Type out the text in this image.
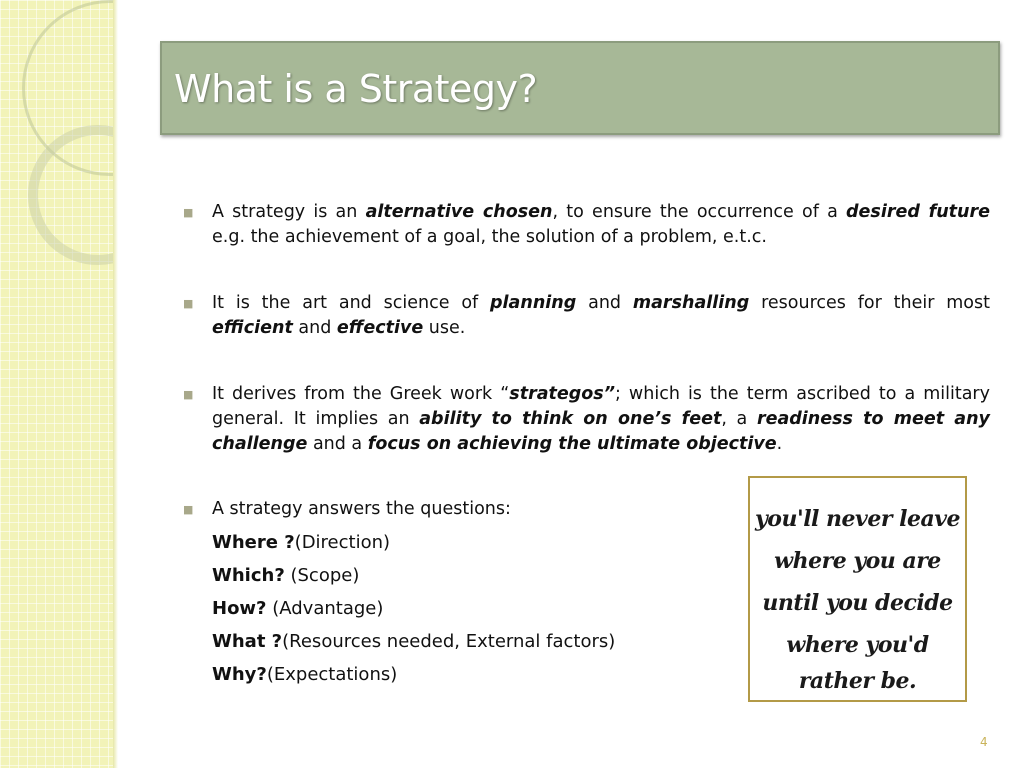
What is a Strategy?
■ A strategy is an alternative chosen, to ensure the occurrence of a desired future e.g. the achievement of a goal, the solution of a problem, e.t.c.
■ It is the art and science of planning and marshalling resources for their most efficient and effective use.
■ It derives from the Greek work “strategos”; which is the term ascribed to a military general. It implies an ability to think on one’s feet, a readiness to meet any challenge and a focus on achieving the ultimate objective.
■ A strategy answers the questions:
Where ?(Direction)
Which? (Scope)
How? (Advantage)
What ?(Resources needed, External factors)
Why?(Expectations)
you'll never leave
where you are
until you decide
where you'd
rather be.
4
